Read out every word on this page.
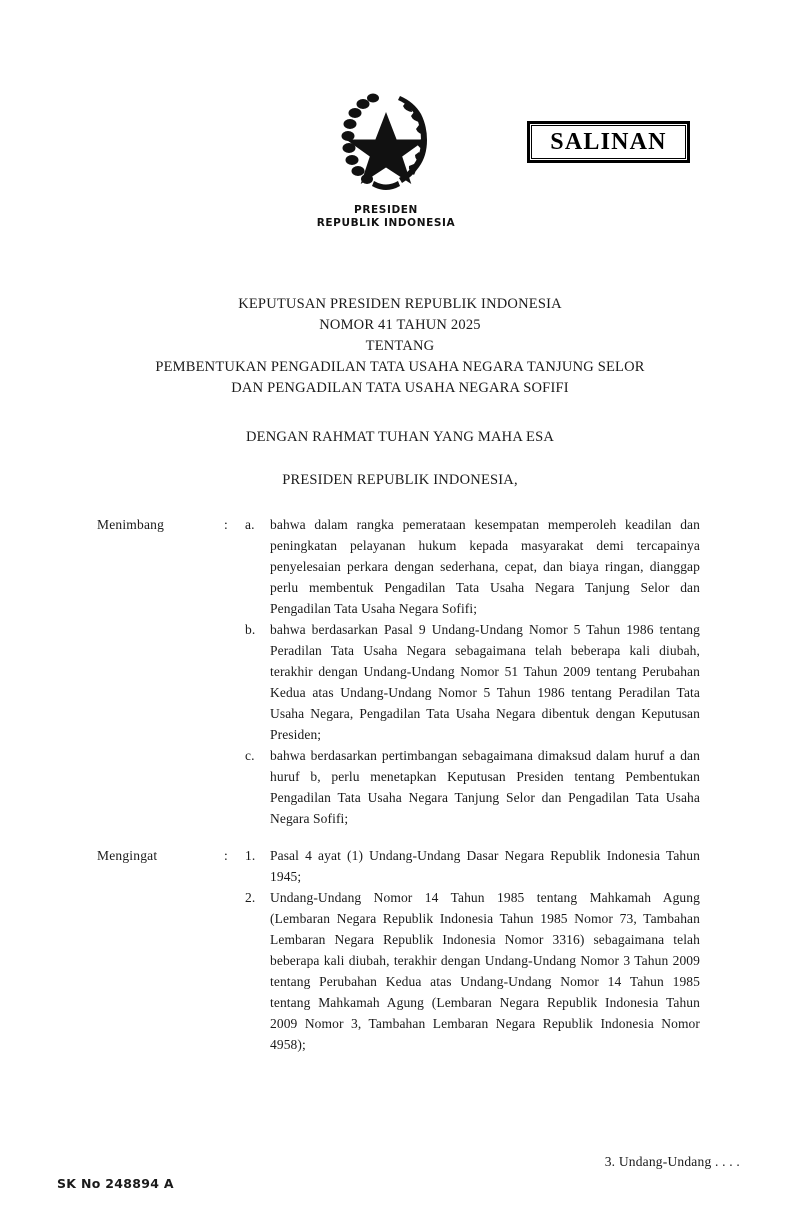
PRESIDEN
REPUBLIK INDONESIA
SALINAN
KEPUTUSAN PRESIDEN REPUBLIK INDONESIA
NOMOR 41 TAHUN 2025
TENTANG
PEMBENTUKAN PENGADILAN TATA USAHA NEGARA TANJUNG SELOR
DAN PENGADILAN TATA USAHA NEGARA SOFIFI
DENGAN RAHMAT TUHAN YANG MAHA ESA
PRESIDEN REPUBLIK INDONESIA,
Menimbang	: a.	bahwa dalam rangka pemerataan kesempatan memperoleh keadilan dan peningkatan pelayanan hukum kepada masyarakat demi tercapainya penyelesaian perkara dengan sederhana, cepat, dan biaya ringan, dianggap perlu membentuk Pengadilan Tata Usaha Negara Tanjung Selor dan Pengadilan Tata Usaha Negara Sofifi;
b.	bahwa berdasarkan Pasal 9 Undang-Undang Nomor 5 Tahun 1986 tentang Peradilan Tata Usaha Negara sebagaimana telah beberapa kali diubah, terakhir dengan Undang-Undang Nomor 51 Tahun 2009 tentang Perubahan Kedua atas Undang-Undang Nomor 5 Tahun 1986 tentang Peradilan Tata Usaha Negara, Pengadilan Tata Usaha Negara dibentuk dengan Keputusan Presiden;
c.	bahwa berdasarkan pertimbangan sebagaimana dimaksud dalam huruf a dan huruf b, perlu menetapkan Keputusan Presiden tentang Pembentukan Pengadilan Tata Usaha Negara Tanjung Selor dan Pengadilan Tata Usaha Negara Sofifi;
Mengingat	: 1.	Pasal 4 ayat (1) Undang-Undang Dasar Negara Republik Indonesia Tahun 1945;
2.	Undang-Undang Nomor 14 Tahun 1985 tentang Mahkamah Agung (Lembaran Negara Republik Indonesia Tahun 1985 Nomor 73, Tambahan Lembaran Negara Republik Indonesia Nomor 3316) sebagaimana telah beberapa kali diubah, terakhir dengan Undang-Undang Nomor 3 Tahun 2009 tentang Perubahan Kedua atas Undang-Undang Nomor 14 Tahun 1985 tentang Mahkamah Agung (Lembaran Negara Republik Indonesia Tahun 2009 Nomor 3, Tambahan Lembaran Negara Republik Indonesia Nomor 4958);
3. Undang-Undang . . . .
SK No 248894 A
